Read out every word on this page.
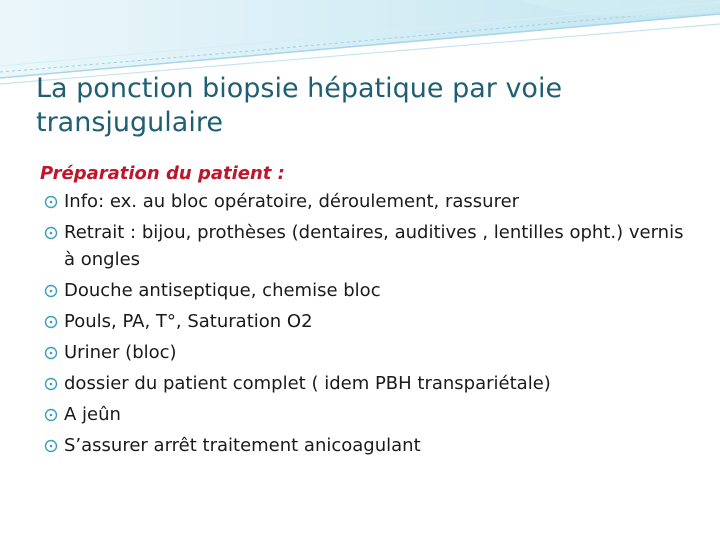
La ponction biopsie hépatique par voie transjugulaire
Préparation du patient :
Info: ex. au bloc opératoire, déroulement, rassurer
Retrait : bijou, prothèses (dentaires, auditives , lentilles opht.) vernis à ongles
Douche antiseptique, chemise bloc
Pouls, PA, T°, Saturation O2
Uriner (bloc)
dossier du patient complet ( idem PBH transpariétale)
A jeûn
S’assurer arrêt traitement anicoagulant
